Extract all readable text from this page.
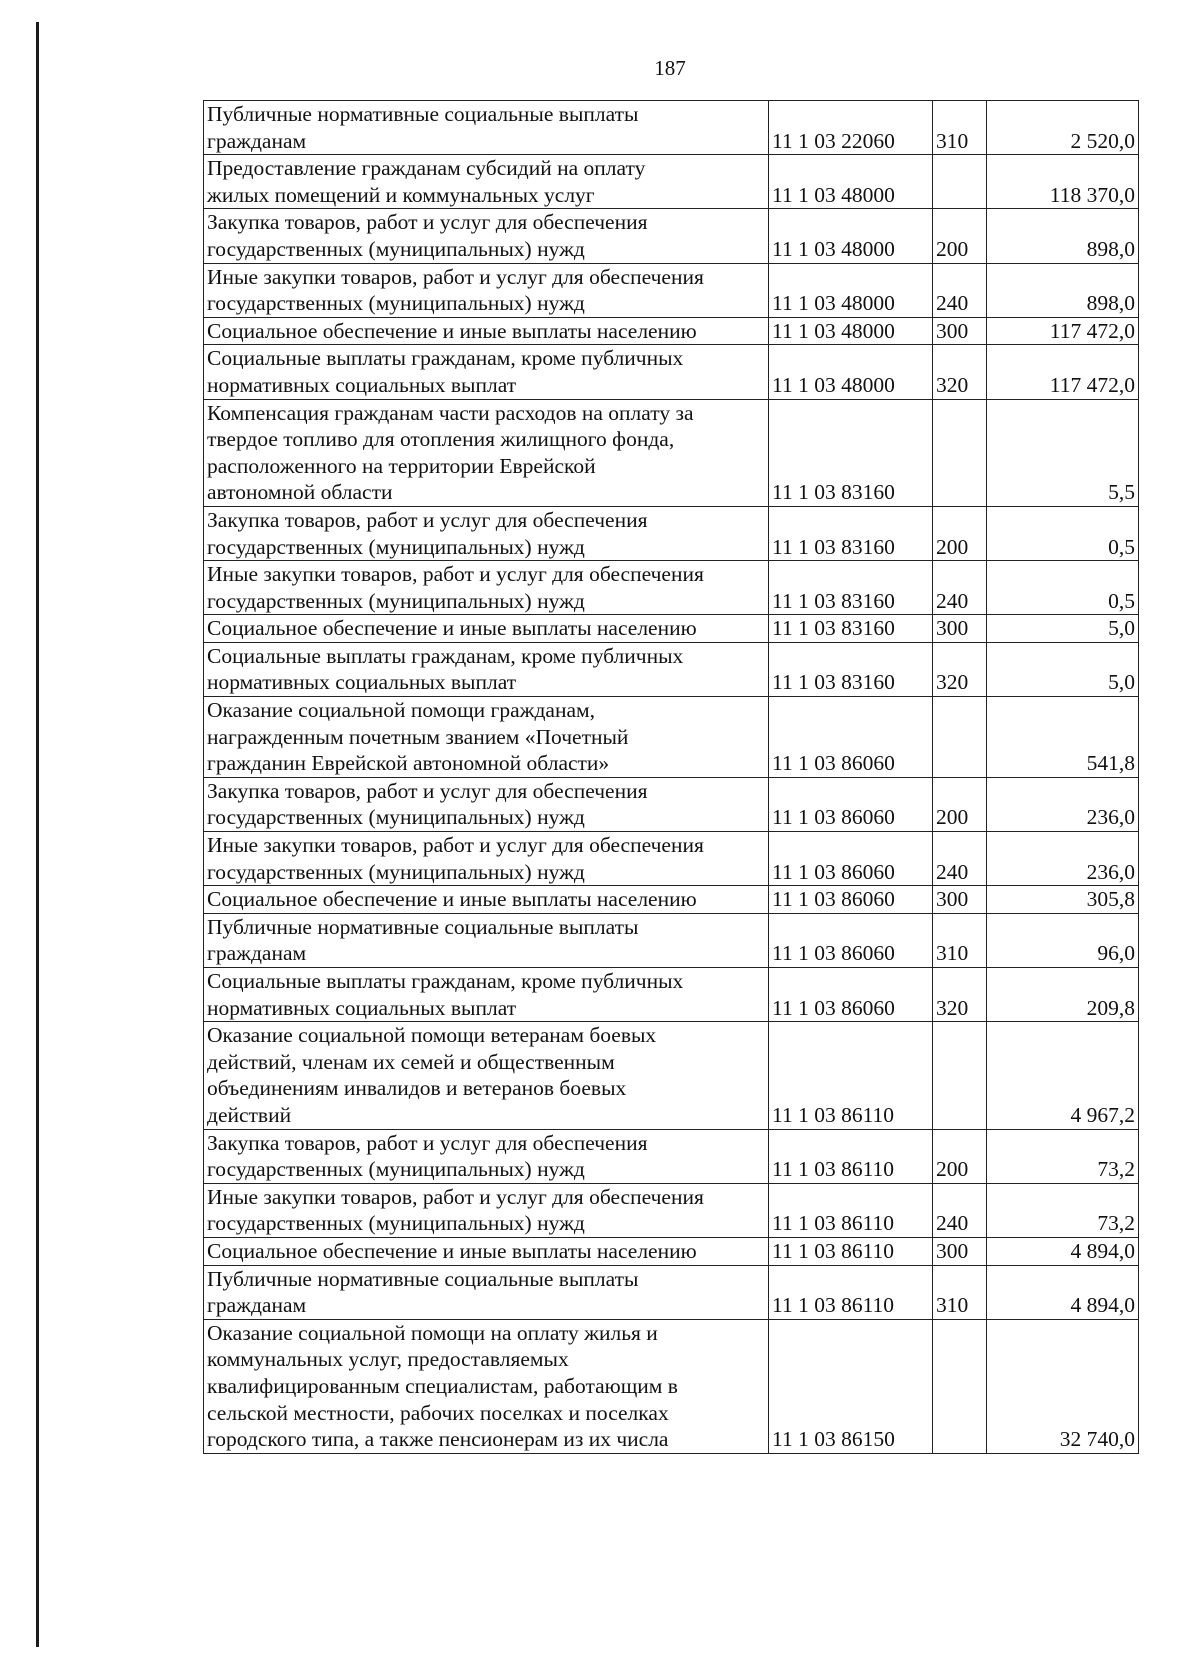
187
Публичные нормативные социальные выплаты
гражданам	11 1 03 22060	310	2 520,0
Предоставление гражданам субсидий на оплату
жилых помещений и коммунальных услуг	11 1 03 48000		118 370,0
Закупка товаров, работ и услуг для обеспечения
государственных (муниципальных) нужд	11 1 03 48000	200	898,0
Иные закупки товаров, работ и услуг для обеспечения
государственных (муниципальных) нужд	11 1 03 48000	240	898,0
Социальное обеспечение и иные выплаты населению	11 1 03 48000	300	117 472,0
Социальные выплаты гражданам, кроме публичных
нормативных социальных выплат	11 1 03 48000	320	117 472,0
Компенсация гражданам части расходов на оплату за
твердое топливо для отопления жилищного фонда,
расположенного на территории Еврейской
автономной области	11 1 03 83160		5,5
Закупка товаров, работ и услуг для обеспечения
государственных (муниципальных) нужд	11 1 03 83160	200	0,5
Иные закупки товаров, работ и услуг для обеспечения
государственных (муниципальных) нужд	11 1 03 83160	240	0,5
Социальное обеспечение и иные выплаты населению	11 1 03 83160	300	5,0
Социальные выплаты гражданам, кроме публичных
нормативных социальных выплат	11 1 03 83160	320	5,0
Оказание социальной помощи гражданам,
награжденным почетным званием «Почетный
гражданин Еврейской автономной области»	11 1 03 86060		541,8
Закупка товаров, работ и услуг для обеспечения
государственных (муниципальных) нужд	11 1 03 86060	200	236,0
Иные закупки товаров, работ и услуг для обеспечения
государственных (муниципальных) нужд	11 1 03 86060	240	236,0
Социальное обеспечение и иные выплаты населению	11 1 03 86060	300	305,8
Публичные нормативные социальные выплаты
гражданам	11 1 03 86060	310	96,0
Социальные выплаты гражданам, кроме публичных
нормативных социальных выплат	11 1 03 86060	320	209,8
Оказание социальной помощи ветеранам боевых
действий, членам их семей и общественным
объединениям инвалидов и ветеранов боевых
действий	11 1 03 86110		4 967,2
Закупка товаров, работ и услуг для обеспечения
государственных (муниципальных) нужд	11 1 03 86110	200	73,2
Иные закупки товаров, работ и услуг для обеспечения
государственных (муниципальных) нужд	11 1 03 86110	240	73,2
Социальное обеспечение и иные выплаты населению	11 1 03 86110	300	4 894,0
Публичные нормативные социальные выплаты
гражданам	11 1 03 86110	310	4 894,0
Оказание социальной помощи на оплату жилья и
коммунальных услуг, предоставляемых
квалифицированным специалистам, работающим в
сельской местности, рабочих поселках и поселках
городского типа, а также пенсионерам из их числа	11 1 03 86150		32 740,0
